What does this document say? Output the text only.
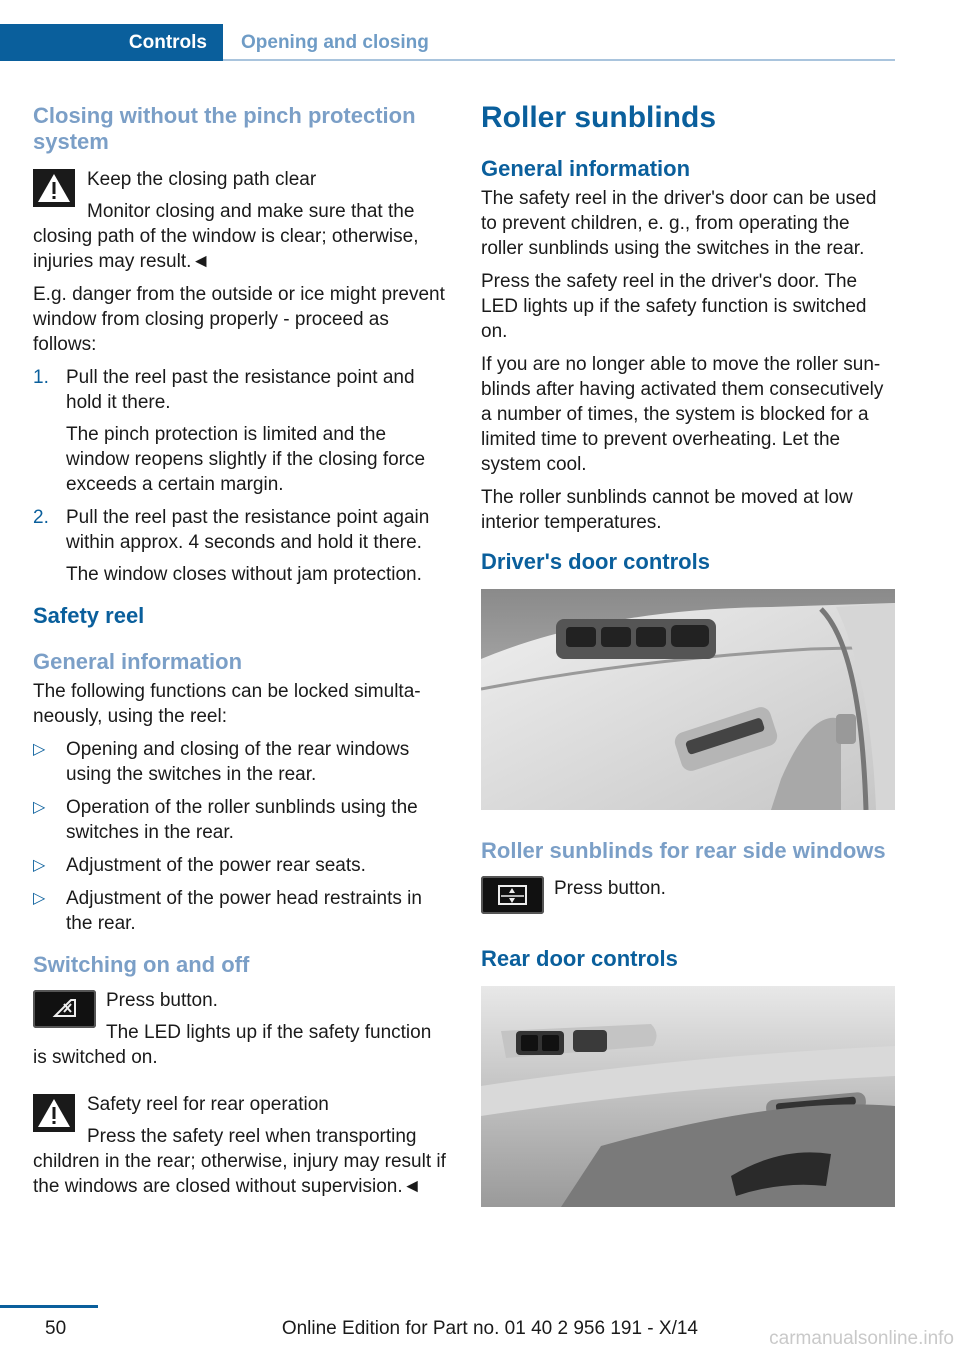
Controls	Opening and closing
Closing without the pinch protection system

Keep the closing path clear

Monitor closing and make sure that the closing path of the window is clear; otherwise, injuries may result.◄

E.g. danger from the outside or ice might prevent window from closing properly - proceed as follows:

1. Pull the reel past the resistance point and hold it there.

The pinch protection is limited and the window reopens slightly if the closing force exceeds a certain margin.

2. Pull the reel past the resistance point again within approx. 4 seconds and hold it there.

The window closes without jam protection.

Safety reel
General information

The following functions can be locked simultaneously, using the reel:

▷	Opening and closing of the rear windows using the switches in the rear.

▷	Operation of the roller sunblinds using the switches in the rear.

▷	Adjustment of the power rear seats.

▷	Adjustment of the power head restraints in the rear.

Switching on and off

Press button.

The LED lights up if the safety function is switched on.

Safety reel for rear operation

Press the safety reel when transporting children in the rear; otherwise, injury may result if the windows are closed without supervision.◄

Roller sunblinds
General information

The safety reel in the driver's door can be used to prevent children, e. g., from operating the roller sunblinds using the switches in the rear.

Press the safety reel in the driver's door. The LED lights up if the safety function is switched on.

If you are no longer able to move the roller sunblinds after having activated them consecutively a number of times, the system is blocked for a limited time to prevent overheating. Let the system cool.

The roller sunblinds cannot be moved at low interior temperatures.

Driver's door controls
Roller sunblinds for rear side windows

Press button.

Rear door controls
50	Online Edition for Part no. 01 40 2 956 191 - X/14	carmanualsonline.info
